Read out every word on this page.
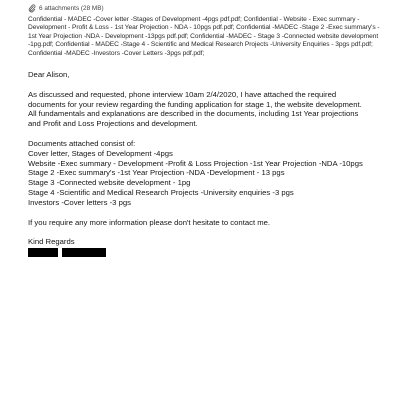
6 attachments (28 MB)
Confidential - MADEC -Cover letter -Stages of Development -4pgs pdf.pdf; Confidential - Website - Exec summary -
Development - Profit & Loss - 1st Year Projection - NDA - 10pgs pdf.pdf; Confidential -MADEC -Stage 2 -Exec summary's -
1st Year Projection -NDA - Development -13pgs pdf.pdf; Confidential -MADEC - Stage 3 -Connected website development
-1pg.pdf; Confidential - MADEC -Stage 4 - Scientific and Medical Research Projects -University Enquiries - 3pgs pdf.pdf;
Confidential -MADEC -Investors -Cover Letters -3pgs pdf.pdf;
Dear Alison,
As discussed and requested, phone interview 10am 2/4/2020, I have attached the required
documents for your review regarding the funding application for stage 1, the website development.
All fundamentals and explanations are described in the documents, including 1st Year projections
and Profit and Loss Projections and development.
Documents attached consist of:
Cover letter, Stages of Development -4pgs
Website -Exec summary - Development -Profit & Loss Projection -1st Year Projection -NDA -10pgs
Stage 2 -Exec summary's -1st Year Projection -NDA -Development - 13 pgs
Stage 3 -Connected website development - 1pg
Stage 4 -Scientific and Medical Research Projects -University enquiries -3 pgs
Investors -Cover letters -3 pgs
If you require any more information please don't hesitate to contact me.
Kind Regards
